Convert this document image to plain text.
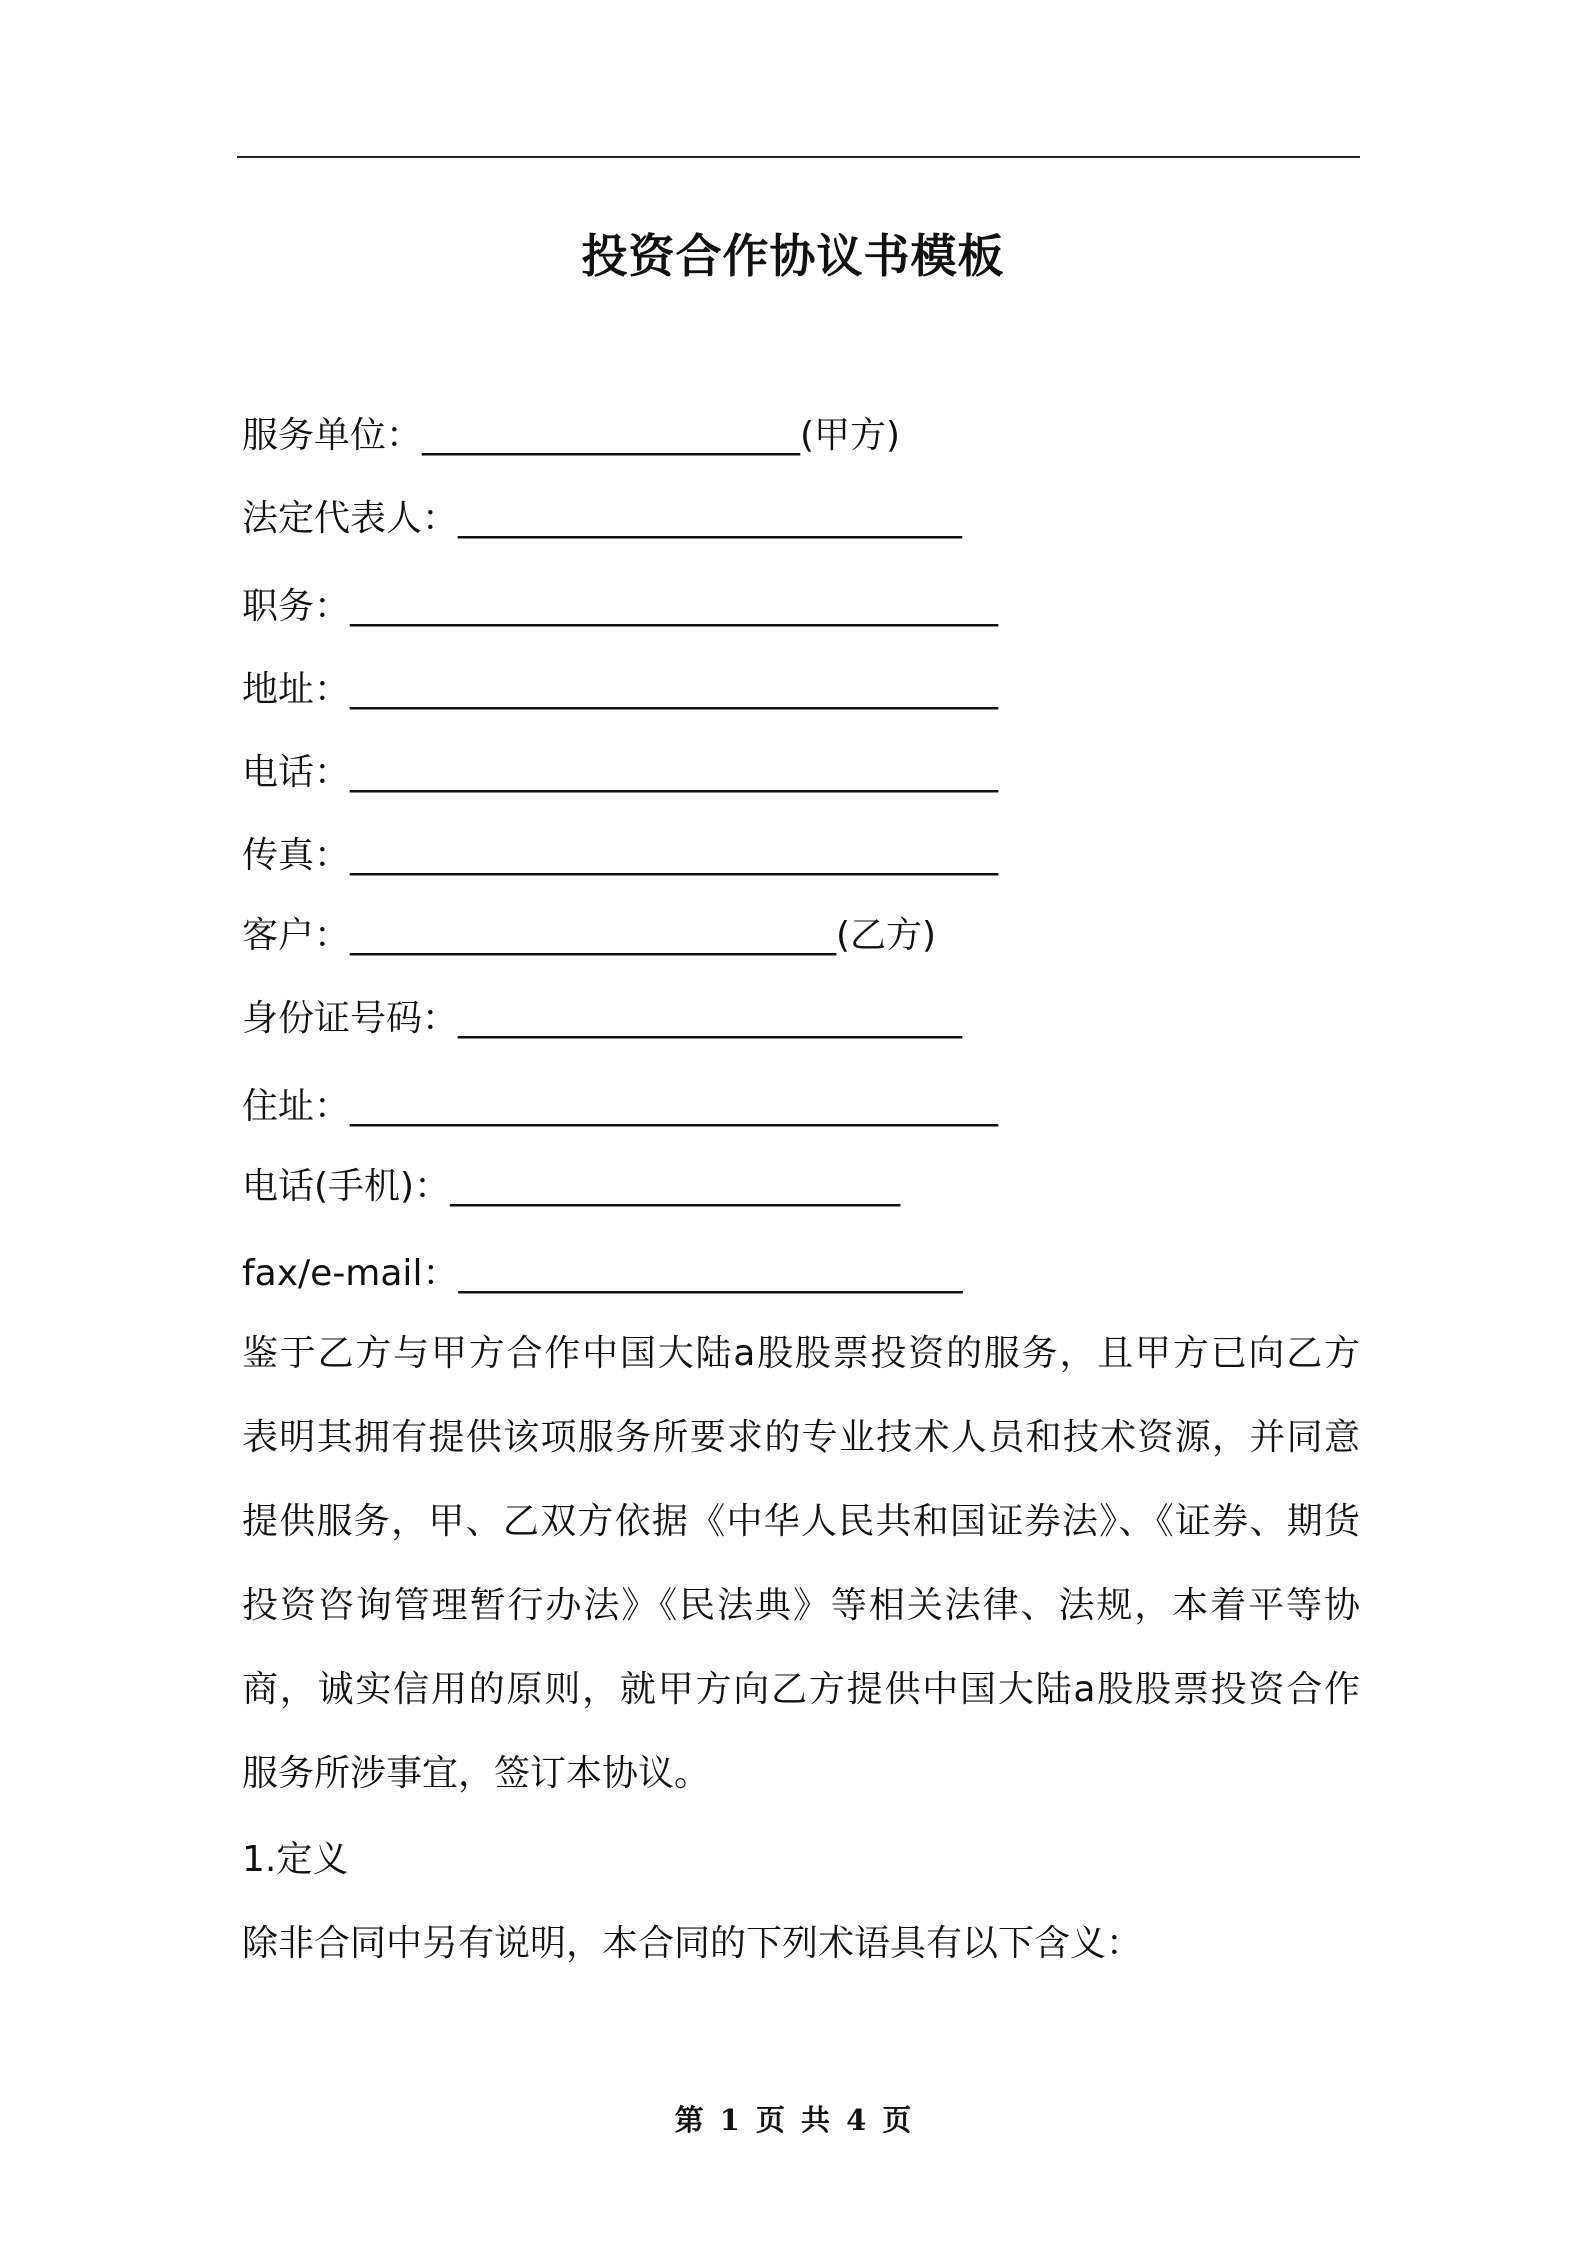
投资合作协议书模板
服务单位：_____________________(甲方)
法定代表人：____________________________
职务：____________________________________
地址：____________________________________
电话：____________________________________
传真：____________________________________
客户：___________________________(乙方)
身份证号码：____________________________
住址：____________________________________
电话(手机)：_________________________
fax/e-mail：____________________________
鉴于乙方与甲方合作中国大陆a股股票投资的服务，且甲方已向乙方
表明其拥有提供该项服务所要求的专业技术人员和技术资源，并同意
提供服务，甲、乙双方依据《中华人民共和国证券法》、《证券、期货
投资咨询管理暂行办法》《民法典》等相关法律、法规，本着平等协
商，诚实信用的原则，就甲方向乙方提供中国大陆a股股票投资合作
服务所涉事宜，签订本协议。
1.定义
除非合同中另有说明，本合同的下列术语具有以下含义：
第 1 页 共 4 页
